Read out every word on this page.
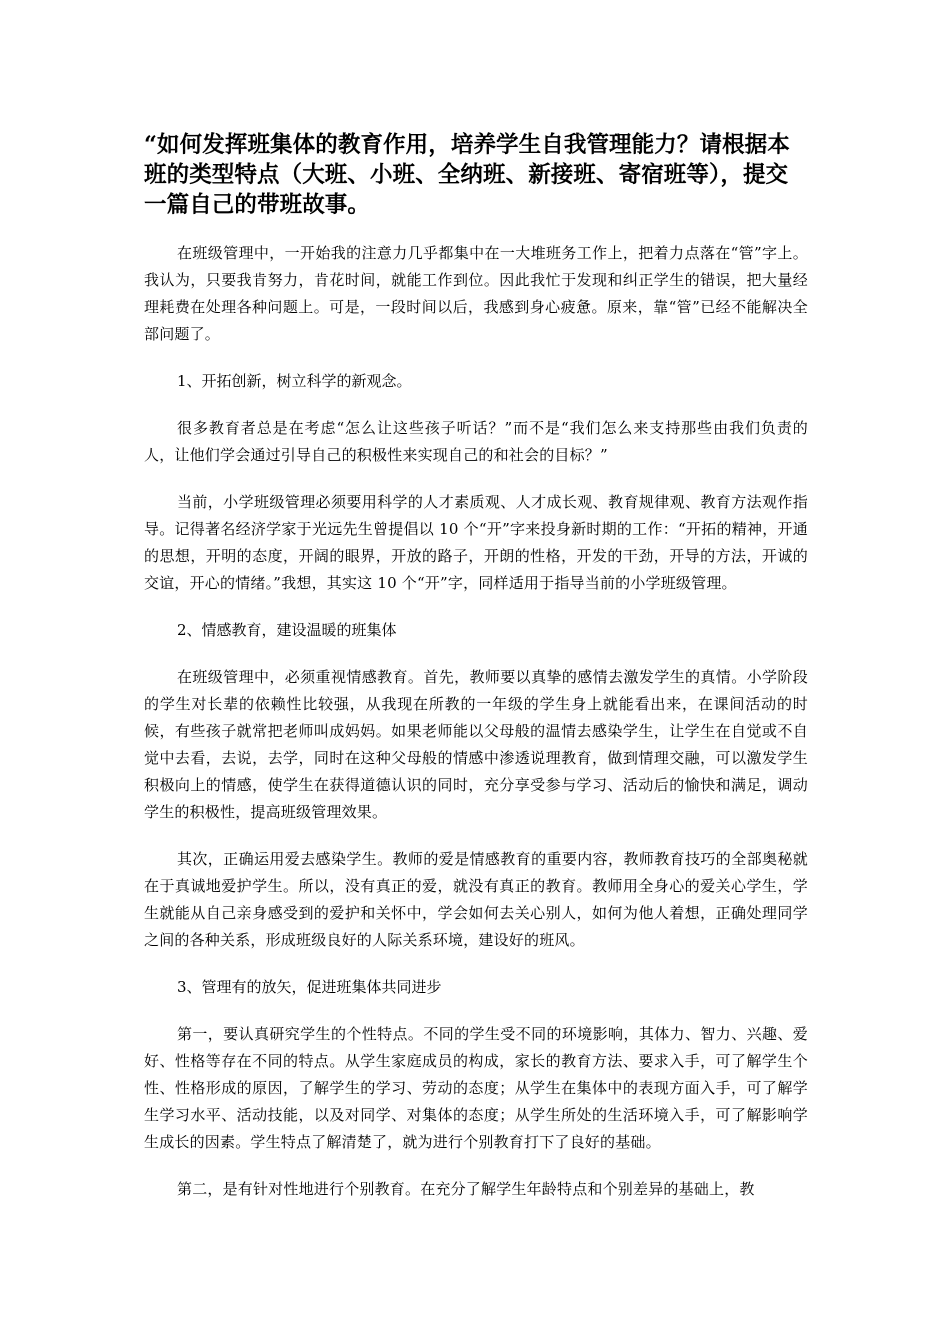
“如何发挥班集体的教育作用，培养学生自我管理能力？请根据本班的类型特点（大班、小班、全纳班、新接班、寄宿班等），提交一篇自己的带班故事。

在班级管理中，一开始我的注意力几乎都集中在一大堆班务工作上，把着力点落在“管”字上。我认为，只要我肯努力，肯花时间，就能工作到位。因此我忙于发现和纠正学生的错误，把大量经理耗费在处理各种问题上。可是，一段时间以后，我感到身心疲惫。原来，靠“管”已经不能解决全部问题了。

1、开拓创新，树立科学的新观念。

很多教育者总是在考虑“怎么让这些孩子听话？”而不是“我们怎么来支持那些由我们负责的人，让他们学会通过引导自己的积极性来实现自己的和社会的目标？”

当前，小学班级管理必须要用科学的人才素质观、人才成长观、教育规律观、教育方法观作指导。记得著名经济学家于光远先生曾提倡以 10 个“开”字来投身新时期的工作：“开拓的精神，开通的思想，开明的态度，开阔的眼界，开放的路子，开朗的性格，开发的干劲，开导的方法，开诚的交谊，开心的情绪。”我想，其实这 10 个“开”字，同样适用于指导当前的小学班级管理。

2、情感教育，建设温暖的班集体

在班级管理中，必须重视情感教育。首先，教师要以真挚的感情去激发学生的真情。小学阶段的学生对长辈的依赖性比较强，从我现在所教的一年级的学生身上就能看出来，在课间活动的时候，有些孩子就常把老师叫成妈妈。如果老师能以父母般的温情去感染学生，让学生在自觉或不自觉中去看，去说，去学，同时在这种父母般的情感中渗透说理教育，做到情理交融，可以激发学生积极向上的情感，使学生在获得道德认识的同时，充分享受参与学习、活动后的愉快和满足，调动学生的积极性，提高班级管理效果。

其次，正确运用爱去感染学生。教师的爱是情感教育的重要内容，教师教育技巧的全部奥秘就在于真诚地爱护学生。所以，没有真正的爱，就没有真正的教育。教师用全身心的爱关心学生，学生就能从自己亲身感受到的爱护和关怀中，学会如何去关心别人，如何为他人着想，正确处理同学之间的各种关系，形成班级良好的人际关系环境，建设好的班风。

3、管理有的放矢，促进班集体共同进步

第一，要认真研究学生的个性特点。不同的学生受不同的环境影响，其体力、智力、兴趣、爱好、性格等存在不同的特点。从学生家庭成员的构成，家长的教育方法、要求入手，可了解学生个性、性格形成的原因，了解学生的学习、劳动的态度；从学生在集体中的表现方面入手，可了解学生学习水平、活动技能，以及对同学、对集体的态度；从学生所处的生活环境入手，可了解影响学生成长的因素。学生特点了解清楚了，就为进行个别教育打下了良好的基础。

第二，是有针对性地进行个别教育。在充分了解学生年龄特点和个别差异的基础上，教
